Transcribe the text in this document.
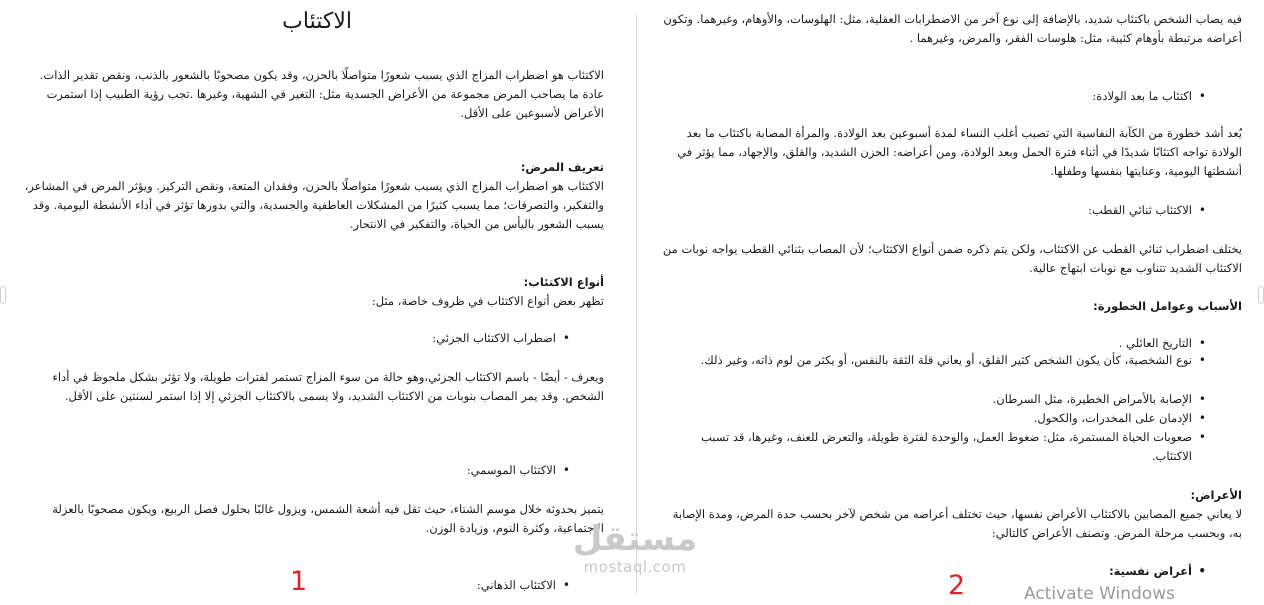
الاكتئاب

الاكتئاب هو اضطراب المزاج الذي يسبب شعورًا متواصلًا بالحزن، وقد يكون مصحوبًا بالشعور بالذنب، ونقص تقدير الذات. عادة ما يصاحب المرض مجموعة من الأعراض الجسدية مثل: التغير في الشهية، وغيرها .تجب رؤية الطبيب إذا استمرت الأعراض لأسبوعين على الأقل.

تعريف المرض:

الاكتئاب هو اضطراب المزاج الذي يسبب شعورًا متواصلًا بالحزن، وفقدان المتعة، ونقص التركيز. ويؤثر المرض في المشاعر، والتفكير، والتصرفات؛ مما يسبب كثيرًا من المشكلات العاطفية والجسدية، والتي بدورها تؤثر في أداء الأنشطة اليومية. وقد يسبب الشعور باليأس من الحياة، والتفكير في الانتحار.

أنواع الاكتئاب:

تظهر بعض أنواع الاكتئاب في ظروف خاصة، مثل:

• اضطراب الاكتئاب الجزئي:

ويعرف - أيضًا - باسم الاكتئاب الجزئي،وهو حالة من سوء المزاج تستمر لفترات طويلة، ولا تؤثر بشكل ملحوظ في أداء الشخص. وقد يمر المصاب بنوبات من الاكتئاب الشديد، ولا يسمى بالاكتئاب الجزئي إلا إذا استمر لسنتين على الأقل.

• الاكتئاب الموسمي:

يتميز بحدوثه خلال موسم الشتاء، حيث تقل فيه أشعة الشمس، ويزول غالبًا بحلول فصل الربيع، ويكون مصحوبًا بالعزلة الاجتماعية، وكثرة النوم، وزيادة الوزن.

• الاكتئاب الذهاني:

فيه يصاب الشخص باكتئاب شديد، بالإضافة إلى نوع آخر من الاضطرابات العقلية، مثل: الهلوسات، والأوهام، وغيرهما. وتكون أعراضه مرتبطة بأوهام كئيبة، مثل: هلوسات الفقر، والمرض، وغيرهما .

• اكتئاب ما بعد الولادة:

يُعد أشد خطورة من الكآبة النفاسية التي تصيب أغلب النساء لمدة أسبوعين بعد الولادة. والمرأة المصابة باكتئاب ما بعد الولادة تواجه اكتئابًا شديدًا في أثناء فترة الحمل وبعد الولادة، ومن أعراضه: الحزن الشديد، والقلق، والإجهاد، مما يؤثر في أنشطتها اليومية، وعنايتها بنفسها وطفلها.

• الاكتئاب ثنائي القطب:

يختلف اضطراب ثنائي القطب عن الاكتئاب، ولكن يتم ذكره ضمن أنواع الاكتئاب؛ لأن المصاب بثنائي القطب يواجه نوبات من الاكتئاب الشديد تتناوب مع نوبات ابتهاج عالية.

الأسباب وعوامل الخطورة:

• التاريخ العائلي .

• نوع الشخصية، كأن يكون الشخص كثير القلق، أو يعاني قلة الثقة بالنفس، أو يكثر من لوم ذاته، وغير ذلك.

• الإصابة بالأمراض الخطيرة، مثل السرطان.

• الإدمان على المخدرات، والكحول.

• صعوبات الحياة المستمرة، مثل: ضغوط العمل، والوحدة لفترة طويلة، والتعرض للعنف، وغيرها، قد تسبب الاكتئاب.

الأعراض:

لا يعاني جميع المصابين بالاكتئاب الأعراض نفسها، حيث تختلف أعراضه من شخص لآخر بحسب حدة المرض، ومدة الإصابة به، وبحسب مرحلة المرض. وتصنف الأعراض كالتالي:

• أعراض نفسية:

1	2
مستقل
mostaql.com
Activate Windows
